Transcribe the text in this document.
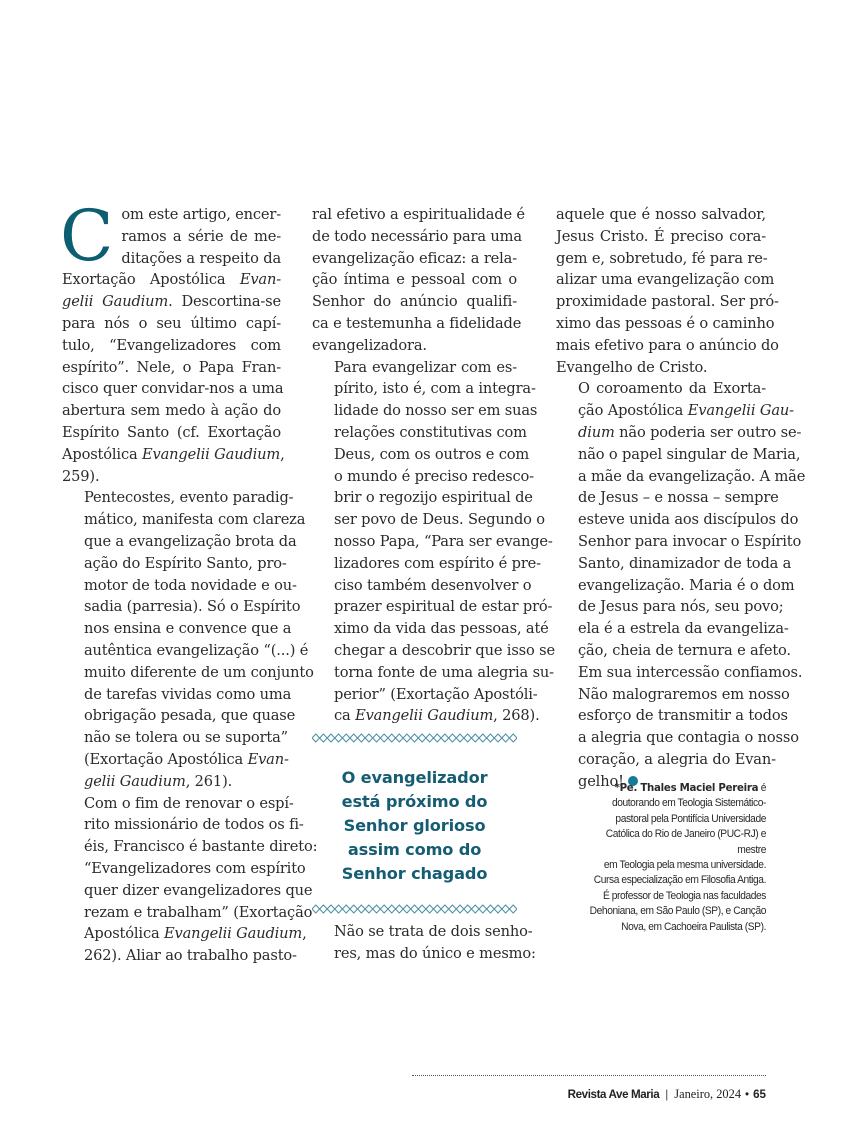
C om este artigo, encer-
ramos a série de me-
ditações a respeito da
Exortação Apostólica Evan-
gelii Gaudium. Descortina-se
para nós o seu último capí-
tulo, “Evangelizadores com
espírito”. Nele, o Papa Fran-
cisco quer convidar-nos a uma
abertura sem medo à ação do
Espírito Santo (cf. Exortação
Apostólica Evangelii Gaudium,
259).

Pentecostes, evento paradig-
mático, manifesta com clareza
que a evangelização brota da
ação do Espírito Santo, pro-
motor de toda novidade e ou-
sadia (parresia). Só o Espírito
nos ensina e convence que a
autêntica evangelização “(...) é
muito diferente de um conjunto
de tarefas vividas como uma
obrigação pesada, que quase
não se tolera ou se suporta”
(Exortação Apostólica Evan-
gelii Gaudium, 261).

Com o fim de renovar o espí-
rito missionário de todos os fi-
éis, Francisco é bastante direto:
“Evangelizadores com espírito
quer dizer evangelizadores que
rezam e trabalham” (Exortação
Apostólica Evangelii Gaudium,
262). Aliar ao trabalho pasto-

ral efetivo a espiritualidade é
de todo necessário para uma
evangelização eficaz: a rela-
ção íntima e pessoal com o
Senhor do anúncio qualifi-
ca e testemunha a fidelidade
evangelizadora.

Para evangelizar com es-
pírito, isto é, com a integra-
lidade do nosso ser em suas
relações constitutivas com
Deus, com os outros e com
o mundo é preciso redesco-
brir o regozijo espiritual de
ser povo de Deus. Segundo o
nosso Papa, “Para ser evange-
lizadores com espírito é pre-
ciso também desenvolver o
prazer espiritual de estar pró-
ximo da vida das pessoas, até
chegar a descobrir que isso se
torna fonte de uma alegria su-
perior” (Exortação Apostóli-
ca Evangelii Gaudium, 268).

O evangelizador
está próximo do
Senhor glorioso
assim como do
Senhor chagado

Não se trata de dois senho-
res, mas do único e mesmo:

aquele que é nosso salvador,
Jesus Cristo. É preciso cora-
gem e, sobretudo, fé para re-
alizar uma evangelização com
proximidade pastoral. Ser pró-
ximo das pessoas é o caminho
mais efetivo para o anúncio do
Evangelho de Cristo.

O coroamento da Exorta-
ção Apostólica Evangelii Gau-
dium não poderia ser outro se-
não o papel singular de Maria,
a mãe da evangelização. A mãe
de Jesus – e nossa – sempre
esteve unida aos discípulos do
Senhor para invocar o Espírito
Santo, dinamizador de toda a
evangelização. Maria é o dom
de Jesus para nós, seu povo;
ela é a estrela da evangeliza-
ção, cheia de ternura e afeto.
Em sua intercessão confiamos.
Não malograremos em nosso
esforço de transmitir a todos
a alegria que contagia o nosso
coração, a alegria do Evan-
gelho!

*Pe. Thales Maciel Pereira é
doutorando em Teologia Sistemático-
pastoral pela Pontifícia Universidade
Católica do Rio de Janeiro (PUC-RJ) e mestre
em Teologia pela mesma universidade.
Cursa especialização em Filosofia Antiga.
É professor de Teologia nas faculdades
Dehoniana, em São Paulo (SP), e Canção
Nova, em Cachoeira Paulista (SP).
Revista Ave Maria | Janeiro, 2024 • 65
